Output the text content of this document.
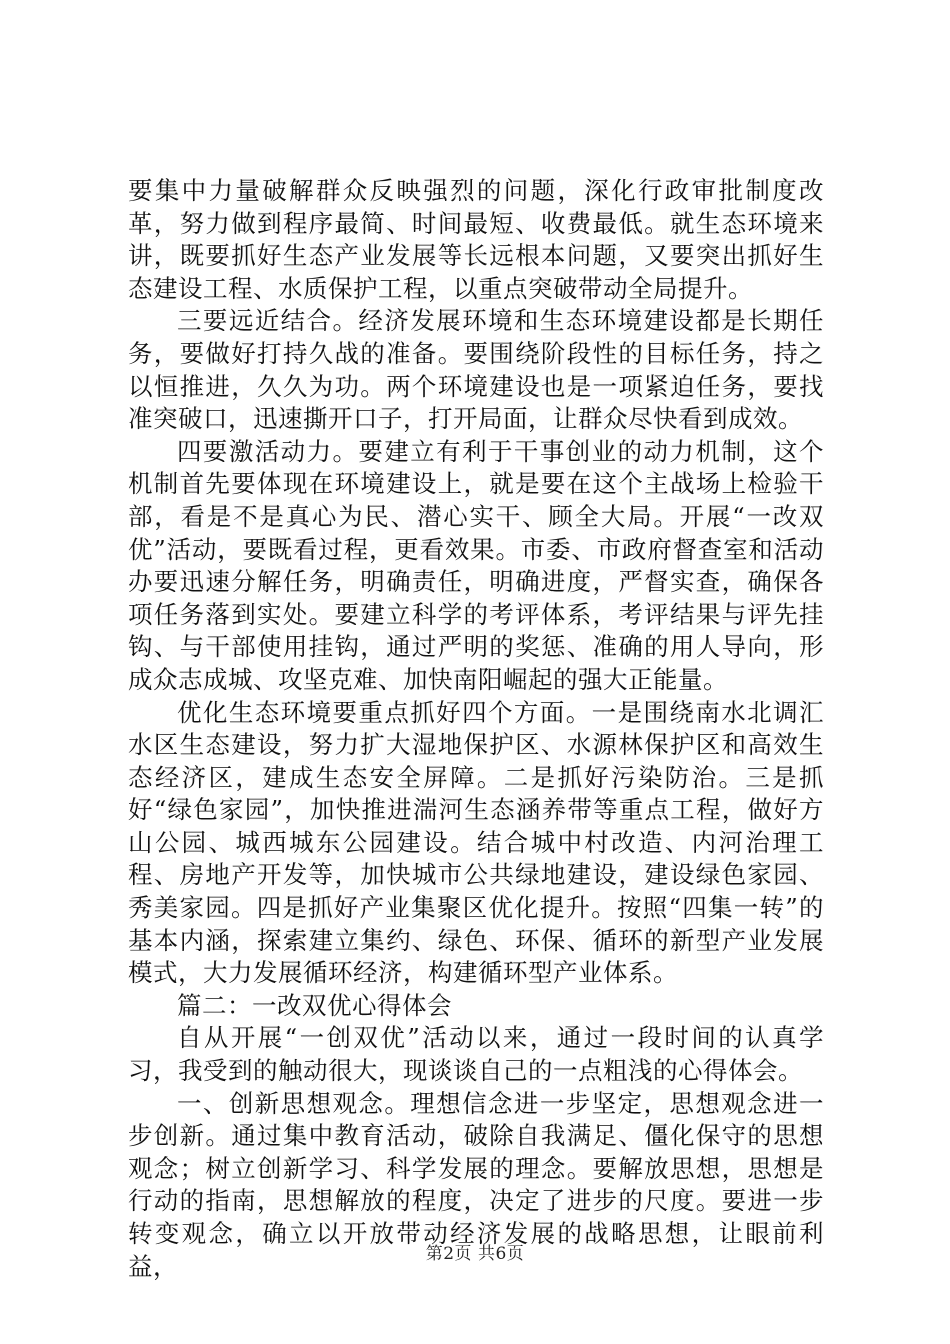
要集中力量破解群众反映强烈的问题，深化行政审批制度改革，努力做到程序最简、时间最短、收费最低。就生态环境来讲，既要抓好生态产业发展等长远根本问题，又要突出抓好生态建设工程、水质保护工程，以重点突破带动全局提升。

三要远近结合。经济发展环境和生态环境建设都是长期任务，要做好打持久战的准备。要围绕阶段性的目标任务，持之以恒推进，久久为功。两个环境建设也是一项紧迫任务，要找准突破口，迅速撕开口子，打开局面，让群众尽快看到成效。

四要激活动力。要建立有利于干事创业的动力机制，这个机制首先要体现在环境建设上，就是要在这个主战场上检验干部，看是不是真心为民、潜心实干、顾全大局。开展“一改双优”活动，要既看过程，更看效果。市委、市政府督查室和活动办要迅速分解任务，明确责任，明确进度，严督实查，确保各项任务落到实处。要建立科学的考评体系，考评结果与评先挂钩、与干部使用挂钩，通过严明的奖惩、准确的用人导向，形成众志成城、攻坚克难、加快南阳崛起的强大正能量。

优化生态环境要重点抓好四个方面。一是围绕南水北调汇水区生态建设，努力扩大湿地保护区、水源林保护区和高效生态经济区，建成生态安全屏障。二是抓好污染防治。三是抓好“绿色家园”，加快推进湍河生态涵养带等重点工程，做好方山公园、城西城东公园建设。结合城中村改造、内河治理工程、房地产开发等，加快城市公共绿地建设，建设绿色家园、秀美家园。四是抓好产业集聚区优化提升。按照“四集一转”的基本内涵，探索建立集约、绿色、环保、循环的新型产业发展模式，大力发展循环经济，构建循环型产业体系。

篇二：一改双优心得体会

自从开展“一创双优”活动以来，通过一段时间的认真学习，我受到的触动很大，现谈谈自己的一点粗浅的心得体会。

一、创新思想观念。理想信念进一步坚定，思想观念进一步创新。通过集中教育活动，破除自我满足、僵化保守的思想观念；树立创新学习、科学发展的理念。要解放思想，思想是行动的指南，思想解放的程度，决定了进步的尺度。要进一步转变观念，确立以开放带动经济发展的战略思想，让眼前利益，	第2页 共6页
